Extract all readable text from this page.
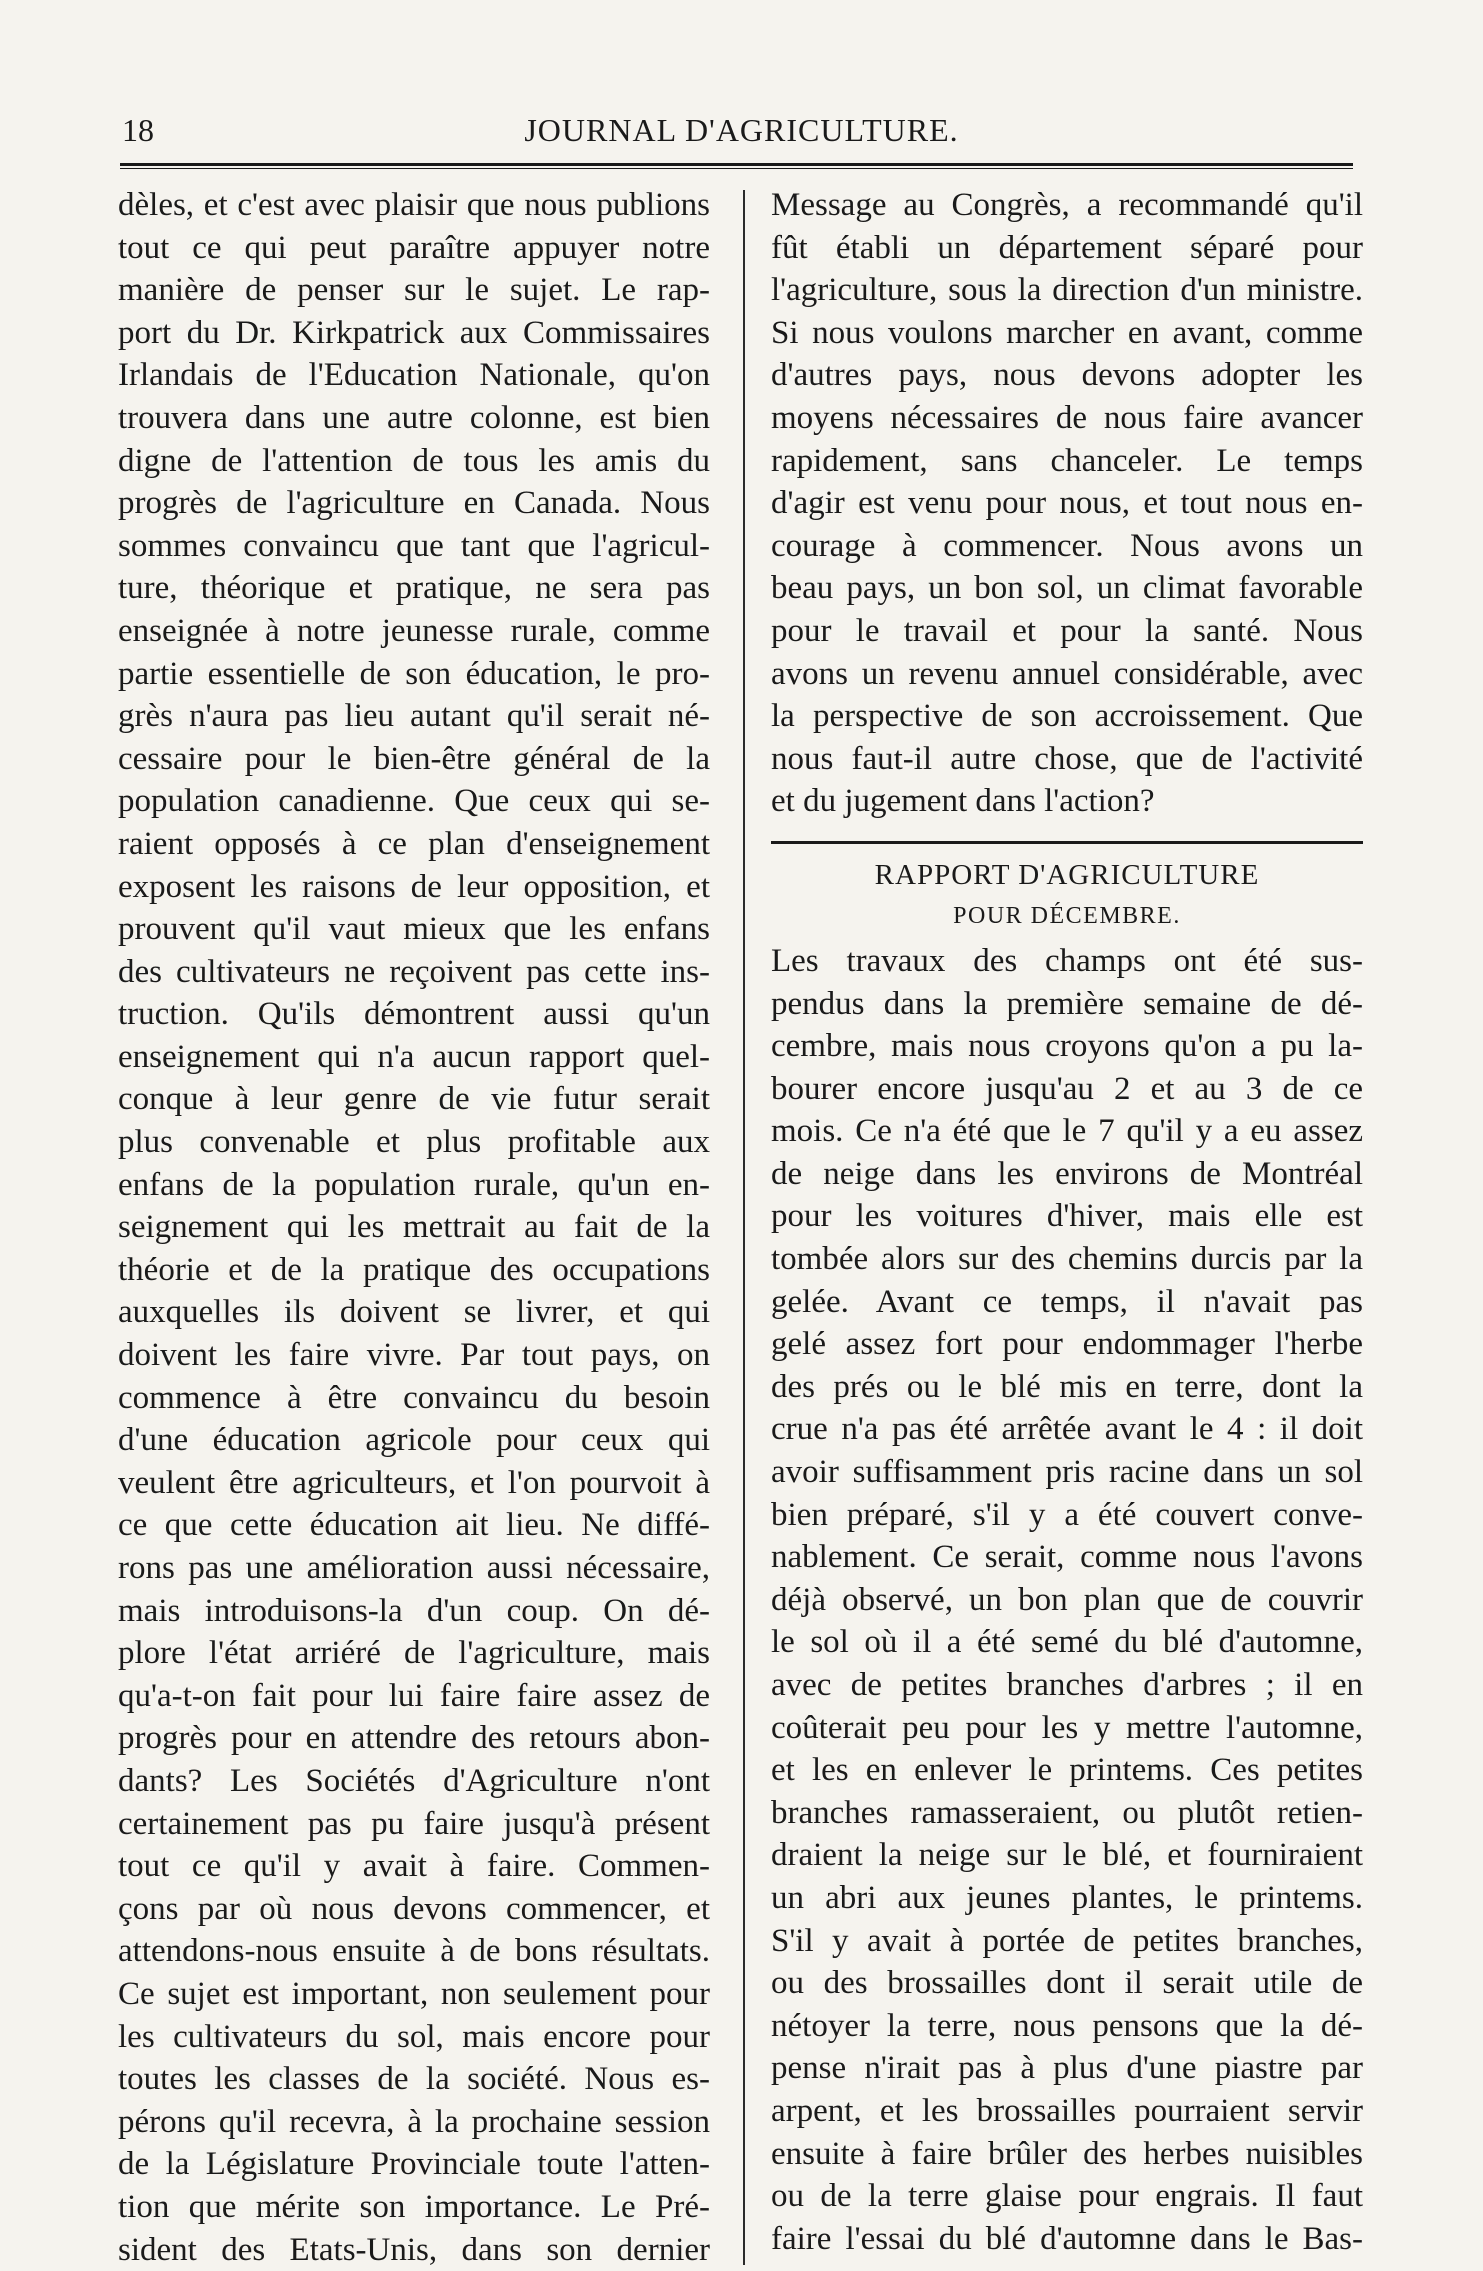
18	JOURNAL D'AGRICULTURE.
dèles, et c'est avec plaisir que nous publions
tout ce qui peut paraître appuyer notre
manière de penser sur le sujet. Le rap-
port du Dr. Kirkpatrick aux Commissaires
Irlandais de l'Education Nationale, qu'on
trouvera dans une autre colonne, est bien
digne de l'attention de tous les amis du
progrès de l'agriculture en Canada. Nous
sommes convaincu que tant que l'agricul-
ture, théorique et pratique, ne sera pas
enseignée à notre jeunesse rurale, comme
partie essentielle de son éducation, le pro-
grès n'aura pas lieu autant qu'il serait né-
cessaire pour le bien-être général de la
population canadienne. Que ceux qui se-
raient opposés à ce plan d'enseignement
exposent les raisons de leur opposition, et
prouvent qu'il vaut mieux que les enfans
des cultivateurs ne reçoivent pas cette ins-
truction. Qu'ils démontrent aussi qu'un
enseignement qui n'a aucun rapport quel-
conque à leur genre de vie futur serait
plus convenable et plus profitable aux
enfans de la population rurale, qu'un en-
seignement qui les mettrait au fait de la
théorie et de la pratique des occupations
auxquelles ils doivent se livrer, et qui
doivent les faire vivre. Par tout pays, on
commence à être convaincu du besoin
d'une éducation agricole pour ceux qui
veulent être agriculteurs, et l'on pourvoit à
ce que cette éducation ait lieu. Ne diffé-
rons pas une amélioration aussi nécessaire,
mais introduisons-la d'un coup. On dé-
plore l'état arriéré de l'agriculture, mais
qu'a-t-on fait pour lui faire faire assez de
progrès pour en attendre des retours abon-
dants? Les Sociétés d'Agriculture n'ont
certainement pas pu faire jusqu'à présent
tout ce qu'il y avait à faire. Commen-
çons par où nous devons commencer, et
attendons-nous ensuite à de bons résultats.
Ce sujet est important, non seulement pour
les cultivateurs du sol, mais encore pour
toutes les classes de la société. Nous es-
pérons qu'il recevra, à la prochaine session
de la Législature Provinciale toute l'atten-
tion que mérite son importance. Le Pré-
sident des Etats-Unis, dans son dernier
Message au Congrès, a recommandé qu'il
fût établi un département séparé pour
l'agriculture, sous la direction d'un ministre.
Si nous voulons marcher en avant, comme
d'autres pays, nous devons adopter les
moyens nécessaires de nous faire avancer
rapidement, sans chanceler. Le temps
d'agir est venu pour nous, et tout nous en-
courage à commencer. Nous avons un
beau pays, un bon sol, un climat favorable
pour le travail et pour la santé. Nous
avons un revenu annuel considérable, avec
la perspective de son accroissement. Que
nous faut-il autre chose, que de l'activité
et du jugement dans l'action?
RAPPORT D'AGRICULTURE
POUR DÉCEMBRE.
Les travaux des champs ont été sus-
pendus dans la première semaine de dé-
cembre, mais nous croyons qu'on a pu la-
bourer encore jusqu'au 2 et au 3 de ce
mois. Ce n'a été que le 7 qu'il y a eu assez
de neige dans les environs de Montréal
pour les voitures d'hiver, mais elle est
tombée alors sur des chemins durcis par la
gelée. Avant ce temps, il n'avait pas
gelé assez fort pour endommager l'herbe
des prés ou le blé mis en terre, dont la
crue n'a pas été arrêtée avant le 4 : il doit
avoir suffisamment pris racine dans un sol
bien préparé, s'il y a été couvert conve-
nablement. Ce serait, comme nous l'avons
déjà observé, un bon plan que de couvrir
le sol où il a été semé du blé d'automne,
avec de petites branches d'arbres ; il en
coûterait peu pour les y mettre l'automne,
et les en enlever le printems. Ces petites
branches ramasseraient, ou plutôt retien-
draient la neige sur le blé, et fourniraient
un abri aux jeunes plantes, le printems.
S'il y avait à portée de petites branches,
ou des brossailles dont il serait utile de
nétoyer la terre, nous pensons que la dé-
pense n'irait pas à plus d'une piastre par
arpent, et les brossailles pourraient servir
ensuite à faire brûler des herbes nuisibles
ou de la terre glaise pour engrais. Il faut
faire l'essai du blé d'automne dans le Bas-
